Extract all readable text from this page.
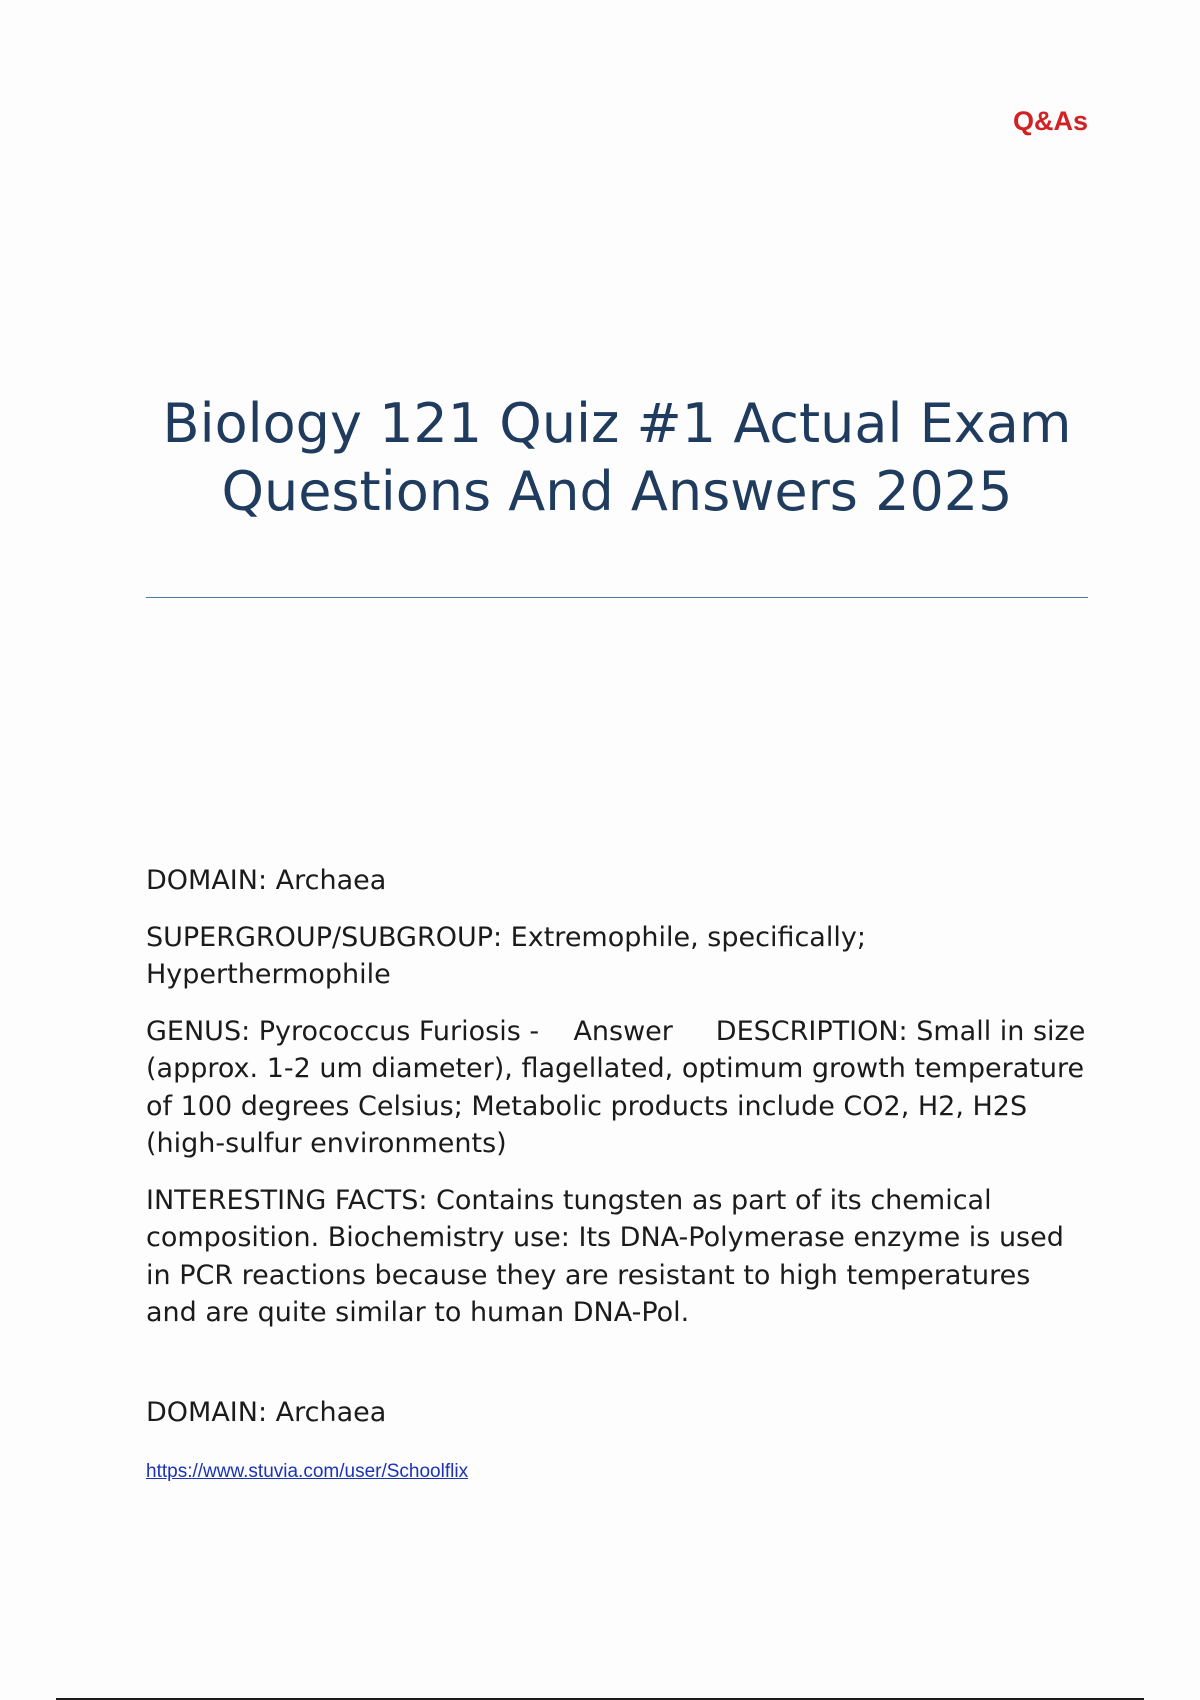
Q&As
Biology 121 Quiz #1 Actual Exam Questions And Answers 2025

DOMAIN: Archaea

SUPERGROUP/SUBGROUP: Extremophile, specifically; Hyperthermophile

GENUS: Pyrococcus Furiosis -    Answer     DESCRIPTION: Small in size (approx. 1-2 um diameter), flagellated, optimum growth temperature of 100 degrees Celsius; Metabolic products include CO2, H2, H2S (high-sulfur environments)

INTERESTING FACTS: Contains tungsten as part of its chemical composition. Biochemistry use: Its DNA-Polymerase enzyme is used in PCR reactions because they are resistant to high temperatures and are quite similar to human DNA-Pol.

DOMAIN: Archaea

https://www.stuvia.com/user/Schoolflix
